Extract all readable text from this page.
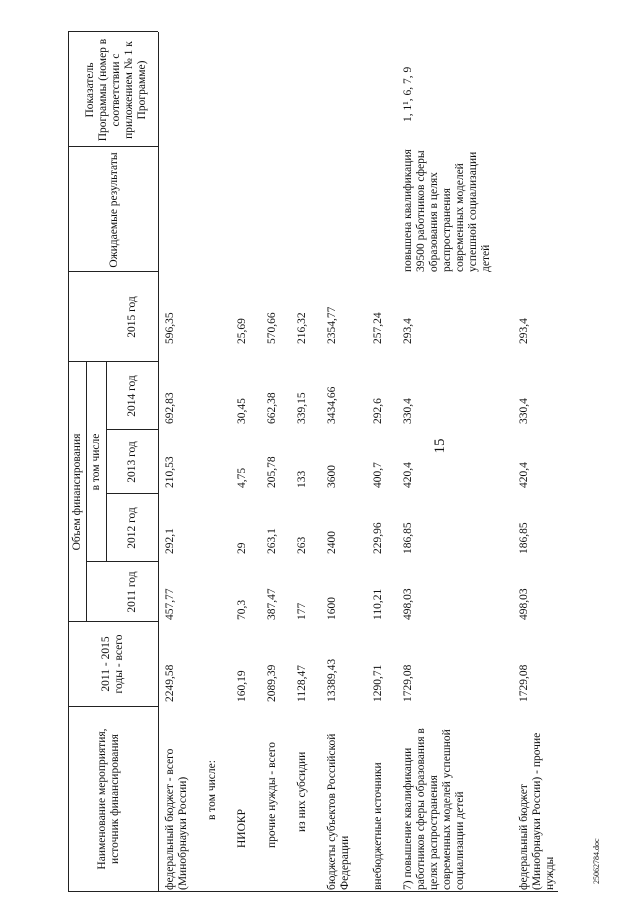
15
25062784.doc
Наименование мероприятия, источник финансирования
2011 - 2015 годы - всего
Объем финансирования в том числе
2011 год
2012 год
2013 год
2014 год
2015 год
Ожидаемые результаты
Показатель Программы (номер в соответствии с приложением № 1 к Программе)
федеральный бюджет - всего (Минобрнауки России)
2249,58
457,77
292,1
210,53
692,83
596,35
в том числе:
НИОКР
160,19
70,3
29
4,75
30,45
25,69
прочие нужды - всего
2089,39
387,47
263,1
205,78
662,38
570,66
из них субсидии
1128,47
177
263
133
339,15
216,32
бюджеты субъектов Российской Федерации
13389,43
1600
2400
3600
3434,66
2354,77
внебюджетные источники
1290,71
110,21
229,96
400,7
292,6
257,24
7) повышение квалификации работников сферы образования в целях распространения современных моделей успешной социализации детей
1729,08
498,03
186,85
420,4
330,4
293,4
повышена квалификация 39500 работников сферы образования в целях распространения современных моделей успешной социализации детей
1, 1¹, 6, 7, 9
федеральный бюджет (Минобрнауки России) - прочие нужды
1729,08
498,03
186,85
420,4
330,4
293,4
